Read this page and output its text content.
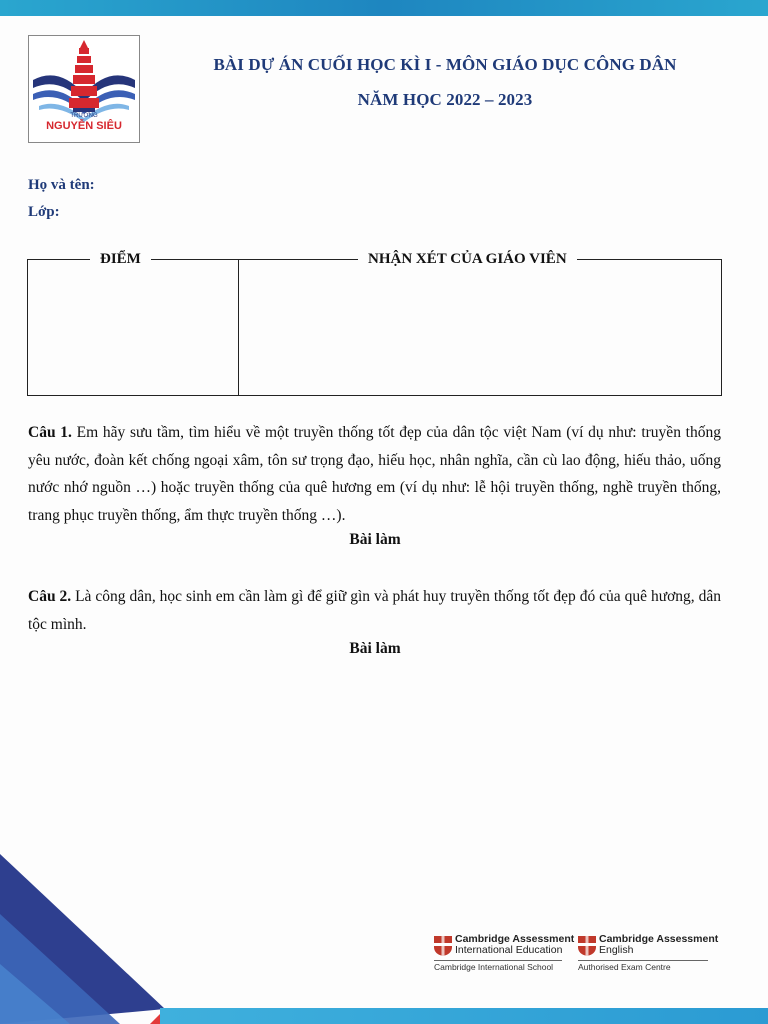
TRƯỜNG
NGUYỄN SIÊU
BÀI DỰ ÁN CUỐI HỌC KÌ I - MÔN GIÁO DỤC CÔNG DÂN
NĂM HỌC 2022 – 2023
Họ và tên:
Lớp:
ĐIỂM	NHẬN XÉT CỦA GIÁO VIÊN
Câu 1. Em hãy sưu tầm, tìm hiểu về một truyền thống tốt đẹp của dân tộc việt Nam (ví dụ như: truyền thống yêu nước, đoàn kết chống ngoại xâm, tôn sư trọng đạo, hiếu học, nhân nghĩa, cần cù lao động, hiếu thảo, uống nước nhớ nguồn …) hoặc truyền thống của quê hương em (ví dụ như: lễ hội truyền thống, nghề truyền thống, trang phục truyền thống, ẩm thực truyền thống …).
Bài làm
Câu 2. Là công dân, học sinh em cần làm gì để giữ gìn và phát huy truyền thống tốt đẹp đó của quê hương, dân tộc mình.
Bài làm
Cambridge Assessment
International Education
Cambridge International School
Cambridge Assessment
English
Authorised Exam Centre
